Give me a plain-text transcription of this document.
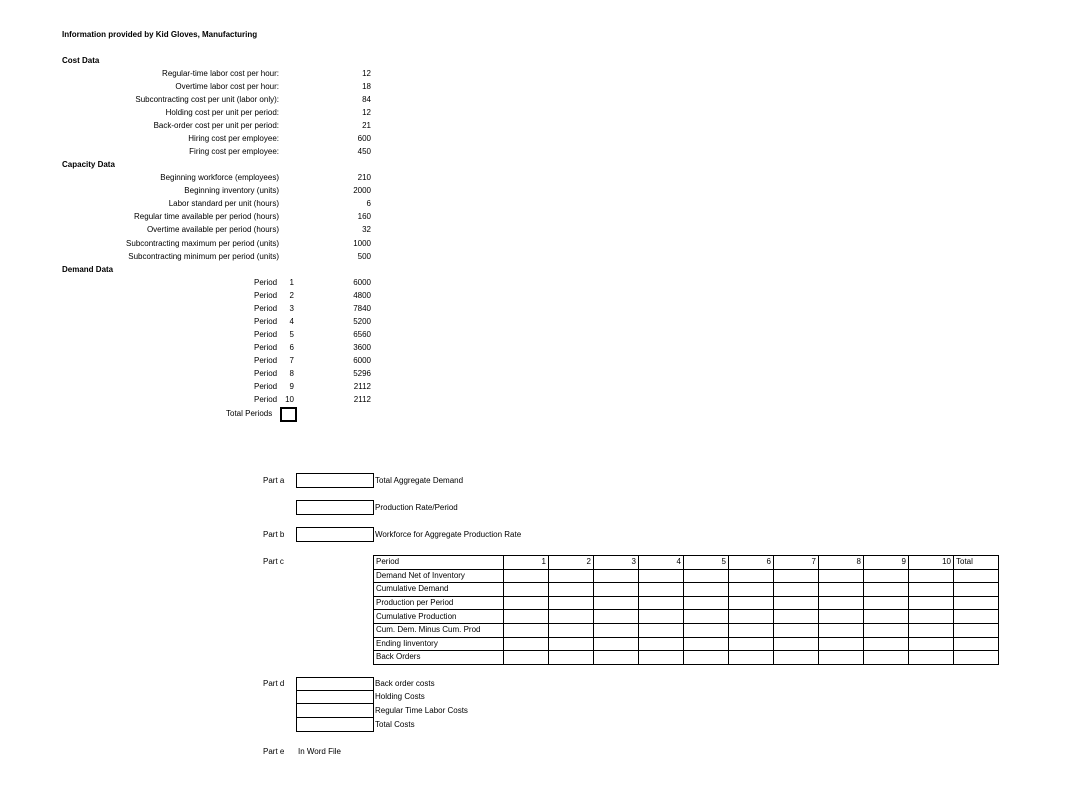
Information provided by Kid Gloves, Manufacturing
Cost Data
Regular-time labor cost per hour:	12
Overtime labor cost per hour:	18
Subcontracting cost per unit (labor only):	84
Holding cost per unit per period:	12
Back-order cost per unit per period:	21
Hiring cost per employee:	600
Firing cost per employee:	450
Capacity Data
Beginning workforce (employees)	210
Beginning inventory (units)	2000
Labor standard per unit (hours)	6
Regular time available per period (hours)	160
Overtime available per period (hours)	32
Subcontracting maximum per period (units)	1000
Subcontracting minimum per period (units)	500
Demand Data
Period 1	6000
Period 2	4800
Period 3	7840
Period 4	5200
Period 5	6560
Period 6	3600
Period 7	6000
Period 8	5296
Period 9	2112
Period 10	2112
Total Periods
Part a	Total Aggregate Demand
Production Rate/Period
Part b	Workforce for Aggregate Production Rate
Part c	Period	1	2	3	4	5	6	7	8	9	10	Total
Demand Net of Inventory											
Cumulative Demand											
Production per Period											
Cumulative Production											
Cum. Dem. Minus Cum. Prod											
Ending Iinventory											
Back Orders											
Part d	Back order costs
Holding Costs
Regular Time Labor Costs
Total Costs
Part e In Word File
